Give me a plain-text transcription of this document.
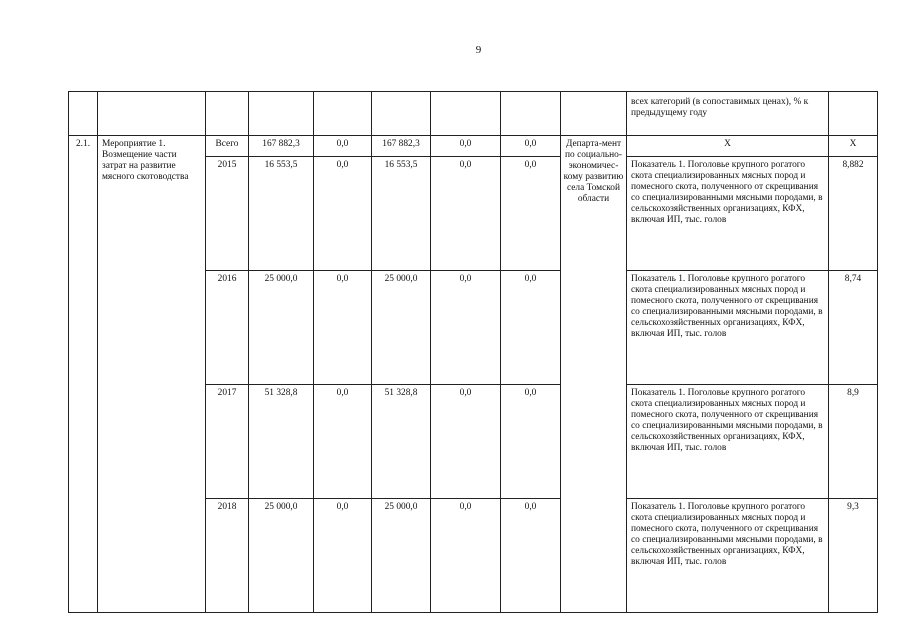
9
									всех категорий (в сопоставимых ценах), % к предыдущему году	
2.1.	Мероприятие 1. Возмещение части затрат на развитие мясного скотоводства	Всего	167 882,3	0,0	167 882,3	0,0	0,0	Департа-мент по социально-экономичес-кому развитию села Томской области	Х	Х
		2015	16 553,5	0,0	16 553,5	0,0	0,0		Показатель 1. Поголовье крупного рогатого скота специализированных мясных пород и помесного скота, полученного от скрещивания со специализированными мясными породами, в сельскохозяйственных организациях, КФХ, включая ИП, тыс. голов	8,882
		2016	25 000,0	0,0	25 000,0	0,0	0,0		Показатель 1. Поголовье крупного рогатого скота специализированных мясных пород и помесного скота, полученного от скрещивания со специализированными мясными породами, в сельскохозяйственных организациях, КФХ, включая ИП, тыс. голов	8,74
		2017	51 328,8	0,0	51 328,8	0,0	0,0		Показатель 1. Поголовье крупного рогатого скота специализированных мясных пород и помесного скота, полученного от скрещивания со специализированными мясными породами, в сельскохозяйственных организациях, КФХ, включая ИП, тыс. голов	8,9
		2018	25 000,0	0,0	25 000,0	0,0	0,0		Показатель 1. Поголовье крупного рогатого скота специализированных мясных пород и помесного скота, полученного от скрещивания со специализированными мясными породами, в сельскохозяйственных организациях, КФХ, включая ИП, тыс. голов	9,3
